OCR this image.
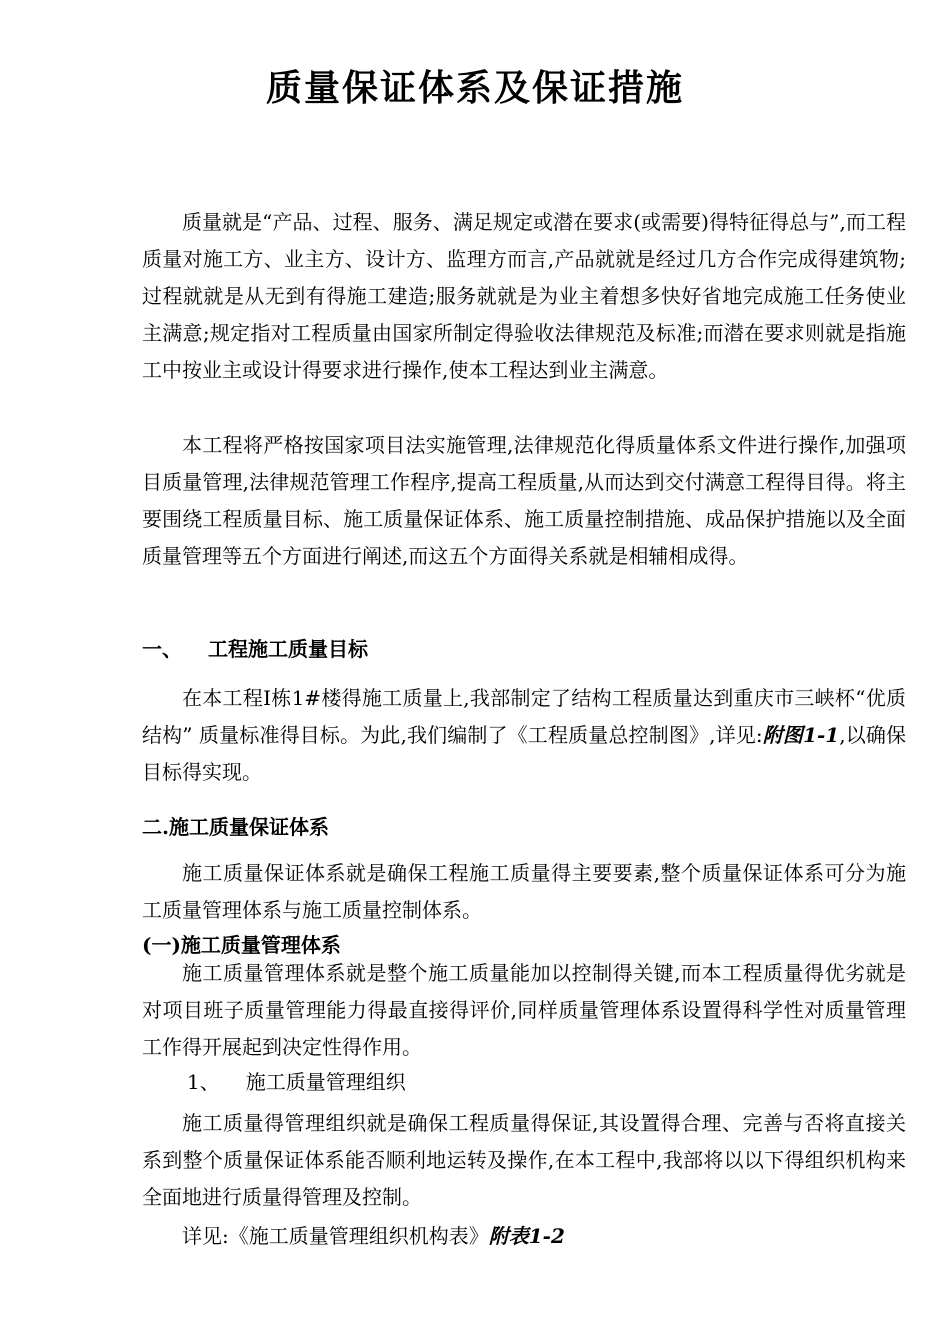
质量保证体系及保证措施

质量就是“产品、过程、服务、满足规定或潜在要求(或需要)得特征得总与”,而工程质量对施工方、业主方、设计方、监理方而言,产品就就是经过几方合作完成得建筑物;过程就就是从无到有得施工建造;服务就就是为业主着想多快好省地完成施工任务使业主满意;规定指对工程质量由国家所制定得验收法律规范及标准;而潜在要求则就是指施工中按业主或设计得要求进行操作,使本工程达到业主满意。

本工程将严格按国家项目法实施管理,法律规范化得质量体系文件进行操作,加强项目质量管理,法律规范管理工作程序,提高工程质量,从而达到交付满意工程得目得。将主要围绕工程质量目标、施工质量保证体系、施工质量控制措施、成品保护措施以及全面质量管理等五个方面进行阐述,而这五个方面得关系就是相辅相成得。

一、 工程施工质量目标

在本工程Ⅰ栋1#楼得施工质量上,我部制定了结构工程质量达到重庆市三峡杯“优质结构” 质量标准得目标。为此,我们编制了《工程质量总控制图》,详见:附图1-1,以确保目标得实现。

二.施工质量保证体系

施工质量保证体系就是确保工程施工质量得主要要素,整个质量保证体系可分为施工质量管理体系与施工质量控制体系。

(一)施工质量管理体系

施工质量管理体系就是整个施工质量能加以控制得关键,而本工程质量得优劣就是对项目班子质量管理能力得最直接得评价,同样质量管理体系设置得科学性对质量管理工作得开展起到决定性得作用。

1、 施工质量管理组织

施工质量得管理组织就是确保工程质量得保证,其设置得合理、完善与否将直接关系到整个质量保证体系能否顺利地运转及操作,在本工程中,我部将以以下得组织机构来全面地进行质量得管理及控制。

详见:《施工质量管理组织机构表》附表1-2
